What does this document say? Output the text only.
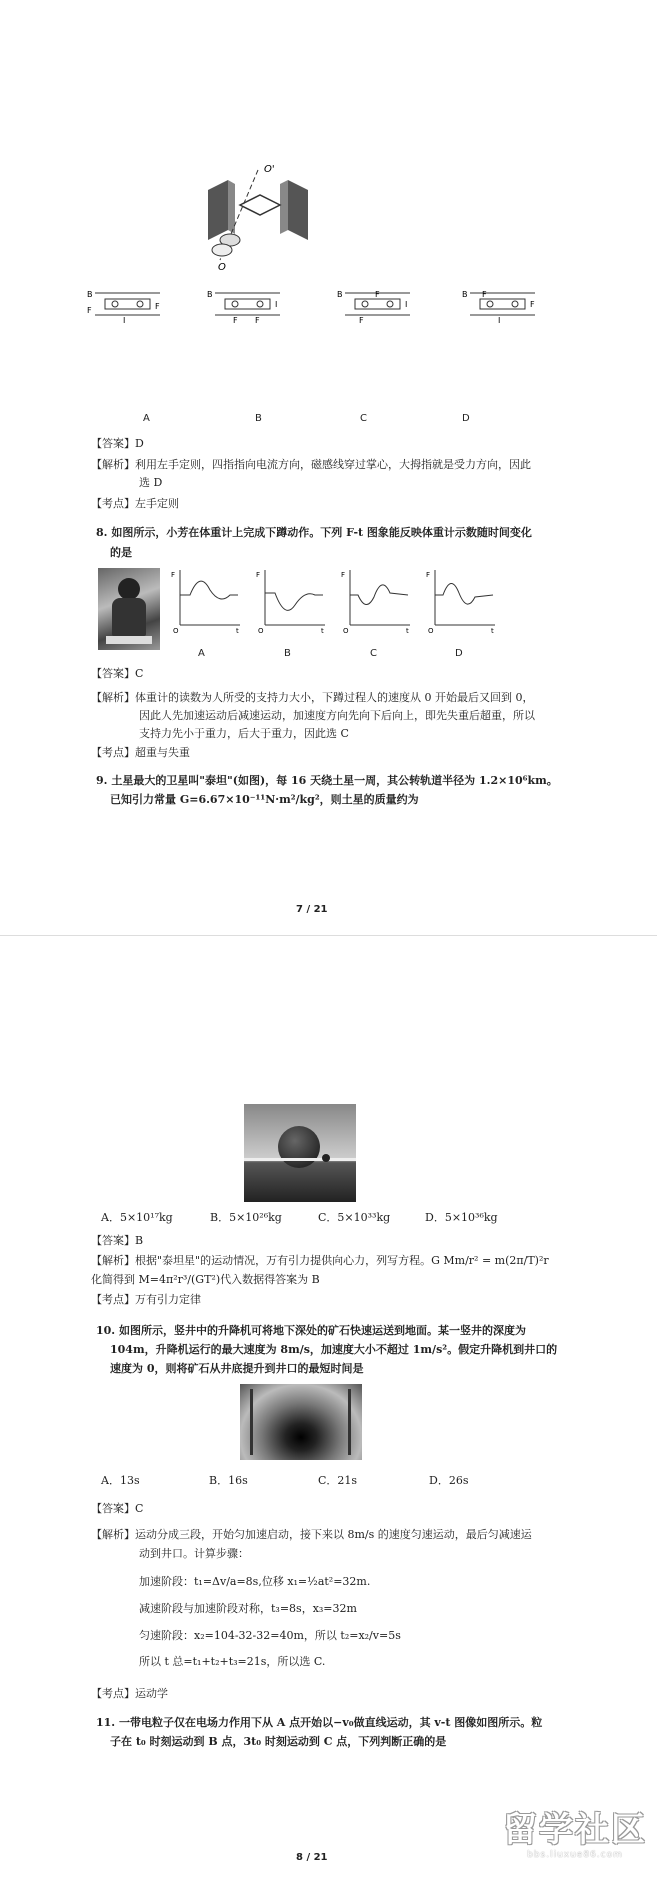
O'
O
B
F	F
I
B
I
F F
B	F
I
F
B F
F
I
A	B	C	D
【答案】D
【解析】利用左手定则，四指指向电流方向，磁感线穿过掌心，大拇指就是受力方向，因此
选 D
【考点】左手定则
8. 如图所示，小芳在体重计上完成下蹲动作。下列 F-t 图象能反映体重计示数随时间变化
的是
F
t
O
F
t
O
F
t
O
F
t
O
A	B	C	D
【答案】C
【解析】体重计的读数为人所受的支持力大小，下蹲过程人的速度从 0 开始最后又回到 0，
因此人先加速运动后减速运动，加速度方向先向下后向上，即先失重后超重，所以
支持力先小于重力，后大于重力，因此选 C
【考点】超重与失重
9. 土星最大的卫星叫"泰坦"(如图)，每 16 天绕土星一周，其公转轨道半径为 1.2×10⁶km。
已知引力常量 G=6.67×10⁻¹¹N·m²/kg²，则土星的质量约为
7 / 21
A．5×10¹⁷kg	B．5×10²⁶kg	C．5×10³³kg	D．5×10³⁶kg
【答案】B
【解析】根据"泰坦星"的运动情况，万有引力提供向心力，列写方程。G Mm/r² = m(2π/T)²r
化简得到 M=4π²r³/(GT²)代入数据得答案为 B
【考点】万有引力定律
10. 如图所示，竖井中的升降机可将地下深处的矿石快速运送到地面。某一竖井的深度为
104m，升降机运行的最大速度为 8m/s，加速度大小不超过 1m/s²。假定升降机到井口的
速度为 0，则将矿石从井底提升到井口的最短时间是
A．13s	B．16s	C．21s	D．26s
【答案】C
【解析】运动分成三段，开始匀加速启动，接下来以 8m/s 的速度匀速运动，最后匀减速运
动到井口。计算步骤：
加速阶段：t₁=Δv/a=8s,位移 x₁=½at²=32m.
减速阶段与加速阶段对称，t₃=8s，x₃=32m
匀速阶段：x₂=104-32-32=40m，所以 t₂=x₂/v=5s
所以 t 总=t₁+t₂+t₃=21s，所以选 C.
【考点】运动学
11. 一带电粒子仅在电场力作用下从 A 点开始以−v₀做直线运动，其 v-t 图像如图所示。粒
子在 t₀ 时刻运动到 B 点，3t₀ 时刻运动到 C 点，下列判断正确的是
8 / 21
留学社区
bbs.liuxue86.com
